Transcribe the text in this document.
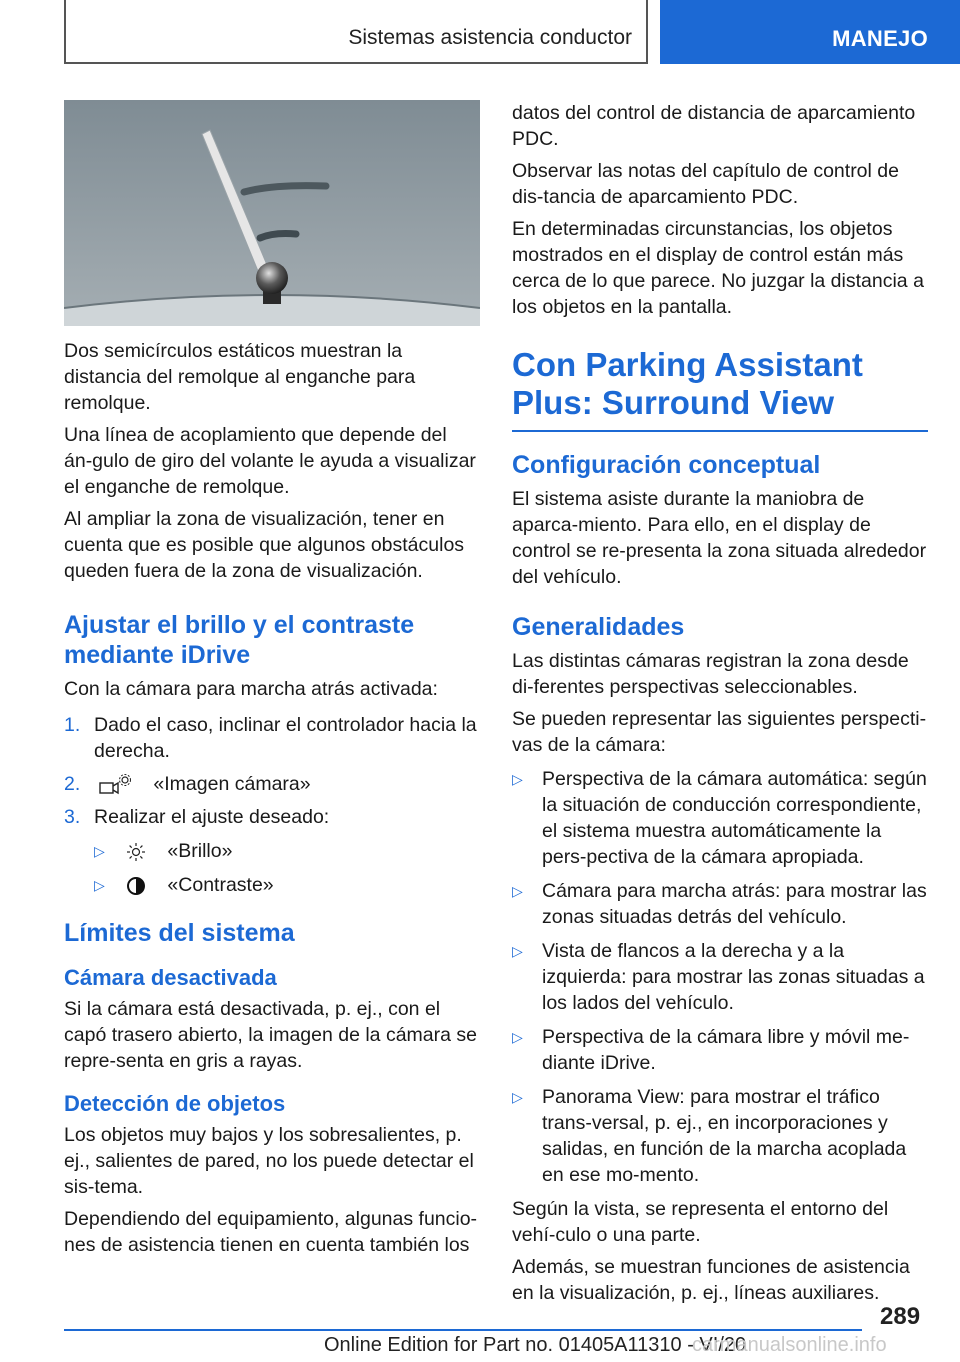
Sistemas asistencia conductor	MANEJO

Dos semicírculos estáticos muestran la distancia del remolque al enganche para remolque.

Una línea de acoplamiento que depende del án‐gulo de giro del volante le ayuda a visualizar el enganche de remolque.

Al ampliar la zona de visualización, tener en cuenta que es posible que algunos obstáculos queden fuera de la zona de visualización.

Ajustar el brillo y el contraste mediante iDrive

Con la cámara para marcha atrás activada:

1. Dado el caso, inclinar el controlador hacia la derecha.
2.	«Imagen cámara»
3. Realizar el ajuste deseado:
▷	«Brillo»
▷	«Contraste»
Límites del sistema
Cámara desactivada

Si la cámara está desactivada, p. ej., con el capó trasero abierto, la imagen de la cámara se repre‐senta en gris a rayas.

Detección de objetos

Los objetos muy bajos y los sobresalientes, p. ej., salientes de pared, no los puede detectar el sis‐tema.

Dependiendo del equipamiento, algunas funcio‐nes de asistencia tienen en cuenta también los

datos del control de distancia de aparcamiento PDC.

Observar las notas del capítulo de control de dis‐tancia de aparcamiento PDC.

En determinadas circunstancias, los objetos mostrados en el display de control están más cerca de lo que parece. No juzgar la distancia a los objetos en la pantalla.

Con Parking Assistant Plus: Surround View
Configuración conceptual

El sistema asiste durante la maniobra de aparca‐miento. Para ello, en el display de control se re‐presenta la zona situada alrededor del vehículo.

Generalidades

Las distintas cámaras registran la zona desde di‐ferentes perspectivas seleccionables.

Se pueden representar las siguientes perspecti‐vas de la cámara:

▷ Perspectiva de la cámara automática: según la situación de conducción correspondiente, el sistema muestra automáticamente la pers‐pectiva de la cámara apropiada.
▷ Cámara para marcha atrás: para mostrar las zonas situadas detrás del vehículo.
▷ Vista de flancos a la derecha y a la izquierda: para mostrar las zonas situadas a los lados del vehículo.
▷ Perspectiva de la cámara libre y móvil me‐diante iDrive.
▷ Panorama View: para mostrar el tráfico trans‐versal, p. ej., en incorporaciones y salidas, en función de la marcha acoplada en ese mo‐mento.

Según la vista, se representa el entorno del vehí‐culo o una parte.

Además, se muestran funciones de asistencia en la visualización, p. ej., líneas auxiliares.

289
Online Edition for Part no. 01405A11310 - VI/20
carmanualsonline.info
